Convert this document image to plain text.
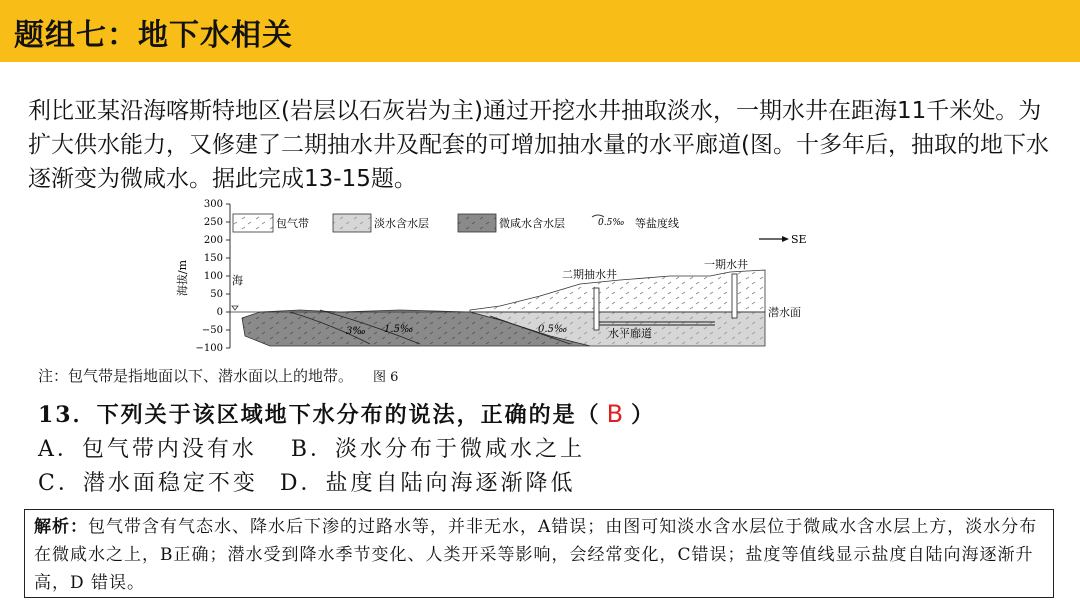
题组七：地下水相关
利比亚某沿海喀斯特地区(岩层以石灰岩为主)通过开挖水井抽取淡水，一期水井在距海11千米处。为扩大供水能力，又修建了二期抽水井及配套的可增加抽水量的水平廊道(图。十多年后，抽取的地下水逐渐变为微咸水。据此完成13-15题。
300
250
200
150
100
50
0
−50
−100
海拔/m
包气带	淡水含水层	微咸水含水层	0.5‰ 等盐度线
SE
3‰ 1.5‰	0.5‰
海	二期抽水井
一期水井
潜水面
水平廊道
注：包气带是指地面以下、潜水面以上的地带。 图 6
13．下列关于该区域地下水分布的说法，正确的是（ B ）
A．包气带内没有水 B．淡水分布于微咸水之上
C．潜水面稳定不变 D．盐度自陆向海逐渐降低
解析：包气带含有气态水、降水后下渗的过路水等，并非无水，A错误；由图可知淡水含水层位于微咸水含水层上方，淡水分布在微咸水之上，B正确；潜水受到降水季节变化、人类开采等影响，会经常变化，C错误；盐度等值线显示盐度自陆向海逐渐升高，D 错误。
